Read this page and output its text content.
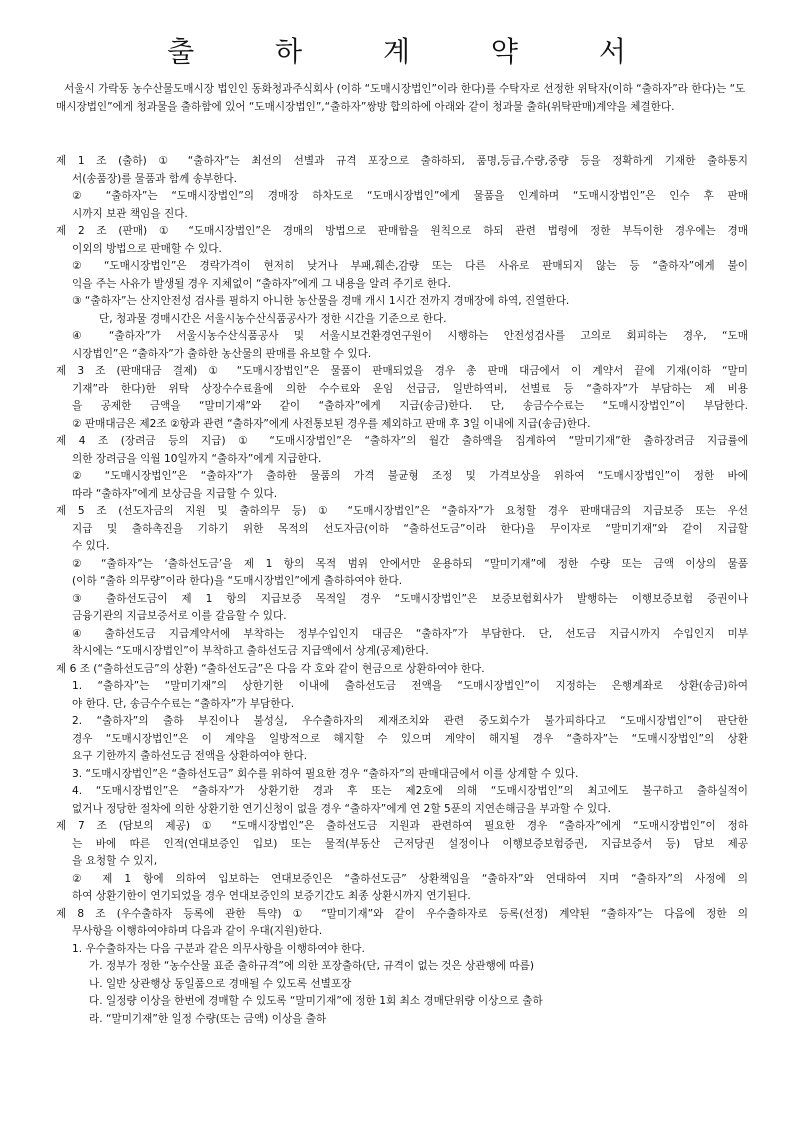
출 하 계 약 서

서울시 가락동 농수산물도매시장 법인인 동화청과주식회사 (이하 “도매시장법인”이라 한다)를 수탁자로 선정한 위탁자(이하 “출하자”라 한다)는 “도매시장법인”에게 청과물을 출하함에 있어 “도매시장법인”,“출하자”쌍방 합의하에 아래와 같이 청과물 출하(위탁판매)계약을 체결한다.

제 1 조 (출하) ① “출하자”는 최선의 선별과 규격 포장으로 출하하되, 품명,등급,수량,중량 등을 정확하게 기재한 출하통지

서(송품장)를 물품과 함께 송부한다.

② “출하자”는 “도매시장법인”의 경매장 하차도로 “도매시장법인”에게 물품을 인계하며 “도매시장법인”은 인수 후 판매

시까지 보관 책임을 진다.

제 2 조 (판매) ① “도매시장법인”은 경매의 방법으로 판매함을 원칙으로 하되 관련 법령에 정한 부득이한 경우에는 경매

이외의 방법으로 판매할 수 있다.

② “도매시장법인”은 경락가격이 현저히 낮거나 부패,훼손,감량 또는 다른 사유로 판매되지 않는 등 “출하자”에게 불이

익을 주는 사유가 발생될 경우 지체없이 “출하자”에게 그 내용을 알려 주기로 한다.

③ “출하자”는 산지안전성 검사를 필하지 아니한 농산물을 경매 개시 1시간 전까지 경매장에 하역, 진열한다.

단, 청과물 경매시간은 서울시농수산식품공사가 정한 시간을 기준으로 한다.

④ “출하자”가 서울시농수산식품공사 및 서울시보건환경연구원이 시행하는 안전성검사를 고의로 회피하는 경우, “도매

시장법인”은 “출하자”가 출하한 농산물의 판매를 유보할 수 있다.

제 3 조 (판매대금 결제) ① “도매시장법인”은 물품이 판매되었을 경우 총 판매 대금에서 이 계약서 끝에 기재(이하 “말미

기재”라 한다)한 위탁 상장수수료율에 의한 수수료와 운임 선급금, 일반하역비, 선별료 등 “출하자”가 부담하는 제 비용

을 공제한 금액을 “말미기재”와 같이 “출하자”에게 지급(송금)한다. 단, 송금수수료는 “도매시장법인”이 부담한다.

② 판매대금은 제2조 ②항과 관련 “출하자”에게 사전통보된 경우를 제외하고 판매 후 3일 이내에 지급(송금)한다.

제 4 조 (장려금 등의 지급) ① “도매시장법인”은 “출하자”의 월간 출하액을 집계하여 “말미기재”한 출하장려금 지급률에

의한 장려금을 익월 10일까지 “출하자”에게 지급한다.

② “도매시장법인”은 “출하자”가 출하한 물품의 가격 불균형 조정 및 가격보상을 위하여 “도매시장법인”이 정한 바에

따라 “출하자”에게 보상금을 지급할 수 있다.

제 5 조 (선도자금의 지원 및 출하의무 등) ① “도매시장법인”은 “출하자”가 요청할 경우 판매대금의 지급보증 또는 우선

지급 및 출하촉진을 기하기 위한 목적의 선도자금(이하 “출하선도금”이라 한다)을 무이자로 “말미기재”와 같이 지급할

수 있다.

② “출하자”는 ‘출하선도금’을 제 1 항의 목적 범위 안에서만 운용하되 “말미기재”에 정한 수량 또는 금액 이상의 물품

(이하 “출하 의무량”이라 한다)을 “도매시장법인”에게 출하하여야 한다.

③ 출하선도금이 제 1 항의 지급보증 목적일 경우 “도매시장법인”은 보증보험회사가 발행하는 이행보증보험 증권이나

금융기관의 지급보증서로 이를 갈음할 수 있다.

④ 출하선도금 지급계약서에 부착하는 정부수입인지 대금은 “출하자”가 부담한다. 단, 선도금 지급시까지 수입인지 미부

착시에는 “도매시장법인”이 부착하고 출하선도금 지급액에서 상계(공제)한다.

제 6 조 (“출하선도금”의 상환) “출하선도금”은 다음 각 호와 같이 현금으로 상환하여야 한다.

1. “출하자”는 “말미기재”의 상한기한 이내에 출하선도금 전액을 “도매시장법인”이 지정하는 은행계좌로 상환(송금)하여

야 한다. 단, 송금수수료는 “출하자”가 부담한다.

2. “출하자”의 출하 부진이나 불성실, 우수출하자의 제재조치와 관련 중도회수가 불가피하다고 “도매시장법인”이 판단한

경우 “도매시장법인”은 이 계약을 일방적으로 해지할 수 있으며 계약이 해지될 경우 “출하자”는 “도매시장법인”의 상환

요구 기한까지 출하선도금 전액을 상환하여야 한다.

3. “도매시장법인”은 “출하선도금” 회수를 위하여 필요한 경우 “출하자”의 판매대금에서 이를 상계할 수 있다.

4. “도매시장법인”은 “출하자”가 상환기한 경과 후 또는 제2호에 의해 “도매시장법인”의 최고에도 불구하고 출하실적이

없거나 정당한 절차에 의한 상환기한 연기신청이 없을 경우 “출하자”에게 연 2할 5푼의 지연손해금을 부과할 수 있다.

제 7 조 (담보의 제공) ① “도매시장법인”은 출하선도금 지원과 관련하여 필요한 경우 “출하자”에게 “도매시장법인”이 정하

는 바에 따른 인적(연대보증인 입보) 또는 물적(부동산 근저당권 설정이나 이행보증보험증권, 지급보증서 등) 담보 제공

을 요청할 수 있지,

② 제 1 항에 의하여 입보하는 연대보증인은 “출하선도금” 상환책임을 “출하자”와 연대하여 지며 “출하자”의 사정에 의

하여 상환기한이 연기되었을 경우 연대보증인의 보증기간도 최종 상환시까지 연기된다.

제 8 조 (우수출하자 등록에 관한 특약) ① “말미기재”와 같이 우수출하자로 등록(선정) 계약된 “출하자”는 다음에 정한 의

무사항을 이행하여야하며 다음과 같이 우대(지원)한다.

1. 우수출하자는 다음 구분과 같은 의무사항을 이행하여야 한다.

가. 정부가 정한 “농수산물 표준 출하규격”에 의한 포장출하(단, 규격이 없는 것은 상관행에 따름)

나. 일반 상관행상 동일품으로 경매될 수 있도록 선별포장

다. 일정량 이상을 한번에 경매할 수 있도록 “말미기재”에 정한 1회 최소 경매단위량 이상으로 출하

라. “말미기재”한 일정 수량(또는 금액) 이상을 출하
